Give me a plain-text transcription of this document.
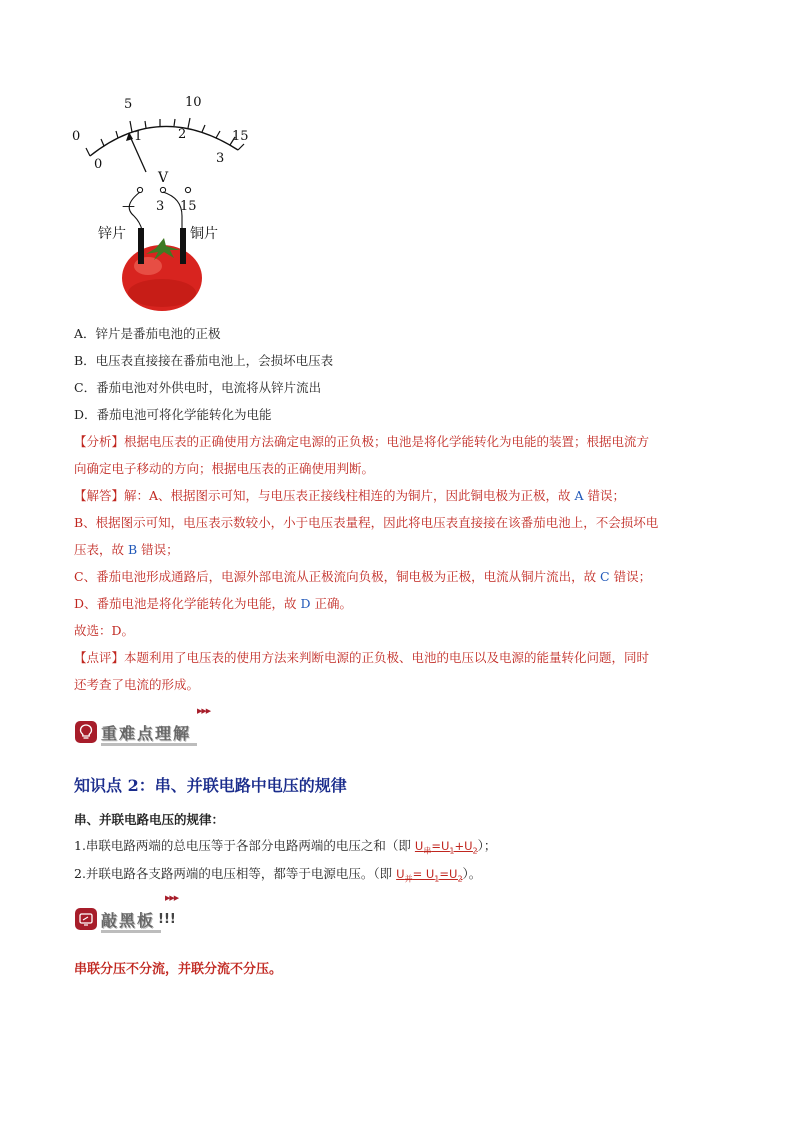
0
5	10
15
0
1	2
3
V
— 3 15
锌片	铜片
A．锌片是番茄电池的正极
B．电压表直接接在番茄电池上，会损坏电压表
C．番茄电池对外供电时，电流将从锌片流出
D．番茄电池可将化学能转化为电能

【分析】根据电压表的正确使用方法确定电源的正负极；电池是将化学能转化为电能的装置；根据电流方

向确定电子移动的方向；根据电压表的正确使用判断。

【解答】解：A、根据图示可知，与电压表正接线柱相连的为铜片，因此铜电极为正极，故 A 错误；

B、根据图示可知，电压表示数较小，小于电压表量程，因此将电压表直接接在该番茄电池上，不会损坏电

压表，故 B 错误；

C、番茄电池形成通路后，电源外部电流从正极流向负极，铜电极为正极，电流从铜片流出，故 C 错误；

D、番茄电池是将化学能转化为电能，故 D 正确。

故选：D。

【点评】本题利用了电压表的使用方法来判断电源的正负极、电池的电压以及电源的能量转化问题，同时

还考查了电流的形成。

重难点理解
▶▶▶
知识点 2：串、并联电路中电压的规律
串、并联电路电压的规律：
1.串联电路两端的总电压等于各部分电路两端的电压之和（即 $U_串=U_1+U_2$）；
2.并联电路各支路两端的电压相等，都等于电源电压。（即 $U_并= U_1=U_2$）。
敲黑板 !!!
▶▶▶
串联分压不分流，并联分流不分压。
